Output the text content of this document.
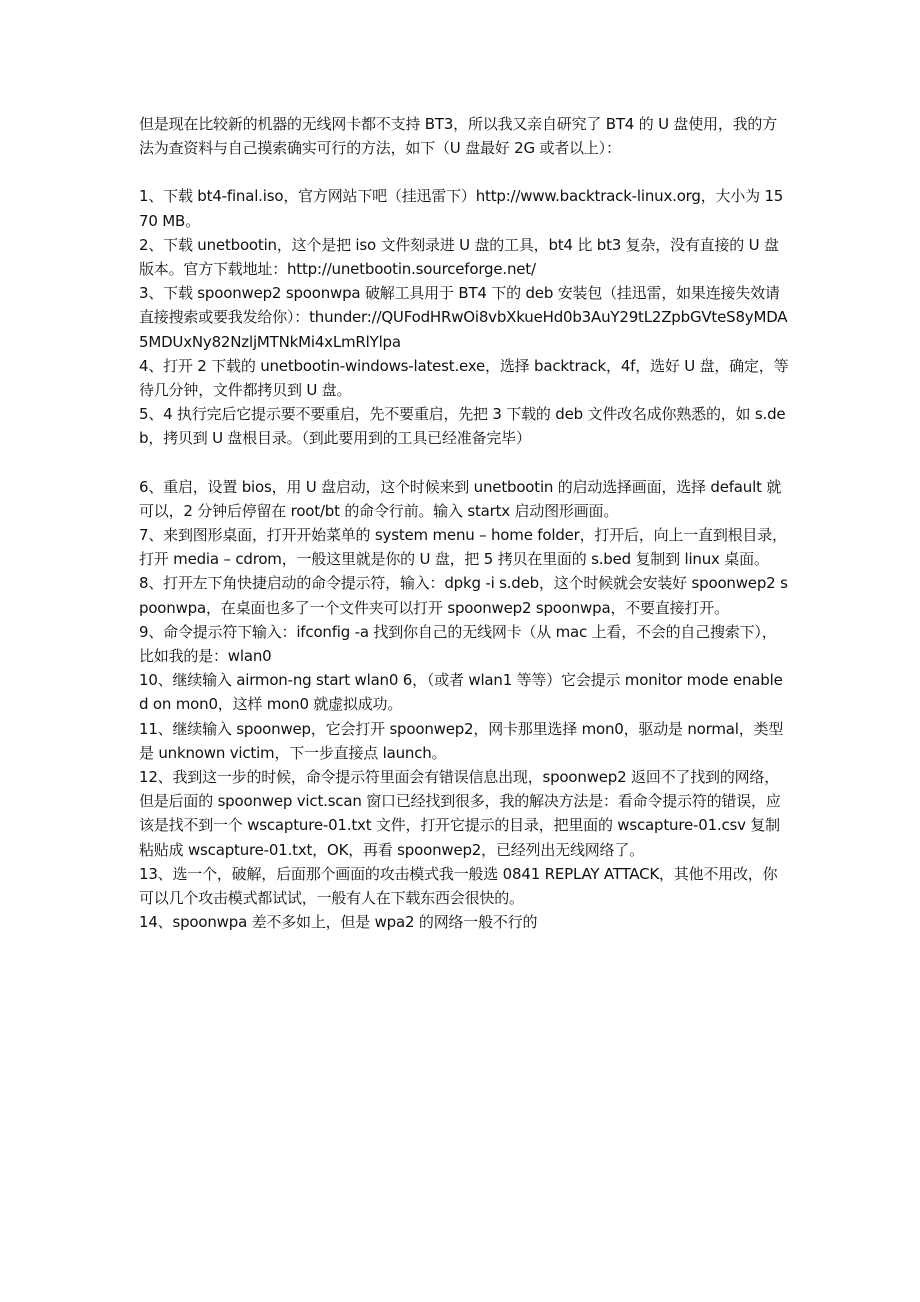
但是现在比较新的机器的无线网卡都不支持 BT3，所以我又亲自研究了 BT4 的 U 盘使用，我的方法为查资料与自己摸索确实可行的方法，如下（U 盘最好 2G 或者以上）：

1、下载 bt4-final.iso，官方网站下吧（挂迅雷下）http://www.backtrack-linux.org，大小为 1570 MB。

2、下载 unetbootin，这个是把 iso 文件刻录进 U 盘的工具，bt4 比 bt3 复杂，没有直接的 U 盘版本。官方下载地址：http://unetbootin.sourceforge.net/

3、下载 spoonwep2 spoonwpa 破解工具用于 BT4 下的 deb 安装包（挂迅雷，如果连接失效请直接搜索或要我发给你）：thunder://QUFodHRwOi8vbXkueHd0b3AuY29tL2ZpbGVteS8yMDA5MDUxNy82NzljMTNkMi4xLmRlYlpa

4、打开 2 下载的 unetbootin-windows-latest.exe，选择 backtrack，4f，选好 U 盘，确定，等待几分钟，文件都拷贝到 U 盘。

5、4 执行完后它提示要不要重启，先不要重启，先把 3 下载的 deb 文件改名成你熟悉的，如 s.deb，拷贝到 U 盘根目录。（到此要用到的工具已经准备完毕）

6、重启，设置 bios，用 U 盘启动，这个时候来到 unetbootin 的启动选择画面，选择 default 就可以，2 分钟后停留在 root/bt 的命令行前。输入 startx 启动图形画面。

7、来到图形桌面，打开开始菜单的 system menu – home folder，打开后，向上一直到根目录，打开 media – cdrom，一般这里就是你的 U 盘，把 5 拷贝在里面的 s.bed 复制到 linux 桌面。

8、打开左下角快捷启动的命令提示符，输入：dpkg -i s.deb，这个时候就会安装好 spoonwep2 spoonwpa，在桌面也多了一个文件夹可以打开 spoonwep2 spoonwpa，不要直接打开。

9、命令提示符下输入：ifconfig -a 找到你自己的无线网卡（从 mac 上看，不会的自己搜索下），比如我的是：wlan0

10、继续输入 airmon-ng start wlan0 6，（或者 wlan1 等等）它会提示 monitor mode enabled on mon0，这样 mon0 就虚拟成功。

11、继续输入 spoonwep，它会打开 spoonwep2，网卡那里选择 mon0，驱动是 normal，类型是 unknown victim，下一步直接点 launch。

12、我到这一步的时候，命令提示符里面会有错误信息出现，spoonwep2 返回不了找到的网络，但是后面的 spoonwep vict.scan 窗口已经找到很多，我的解决方法是：看命令提示符的错误，应该是找不到一个 wscapture-01.txt 文件，打开它提示的目录，把里面的 wscapture-01.csv 复制粘贴成 wscapture-01.txt，OK，再看 spoonwep2，已经列出无线网络了。

13、选一个，破解，后面那个画面的攻击模式我一般选 0841 REPLAY ATTACK，其他不用改，你可以几个攻击模式都试试，一般有人在下载东西会很快的。

14、spoonwpa 差不多如上，但是 wpa2 的网络一般不行的
